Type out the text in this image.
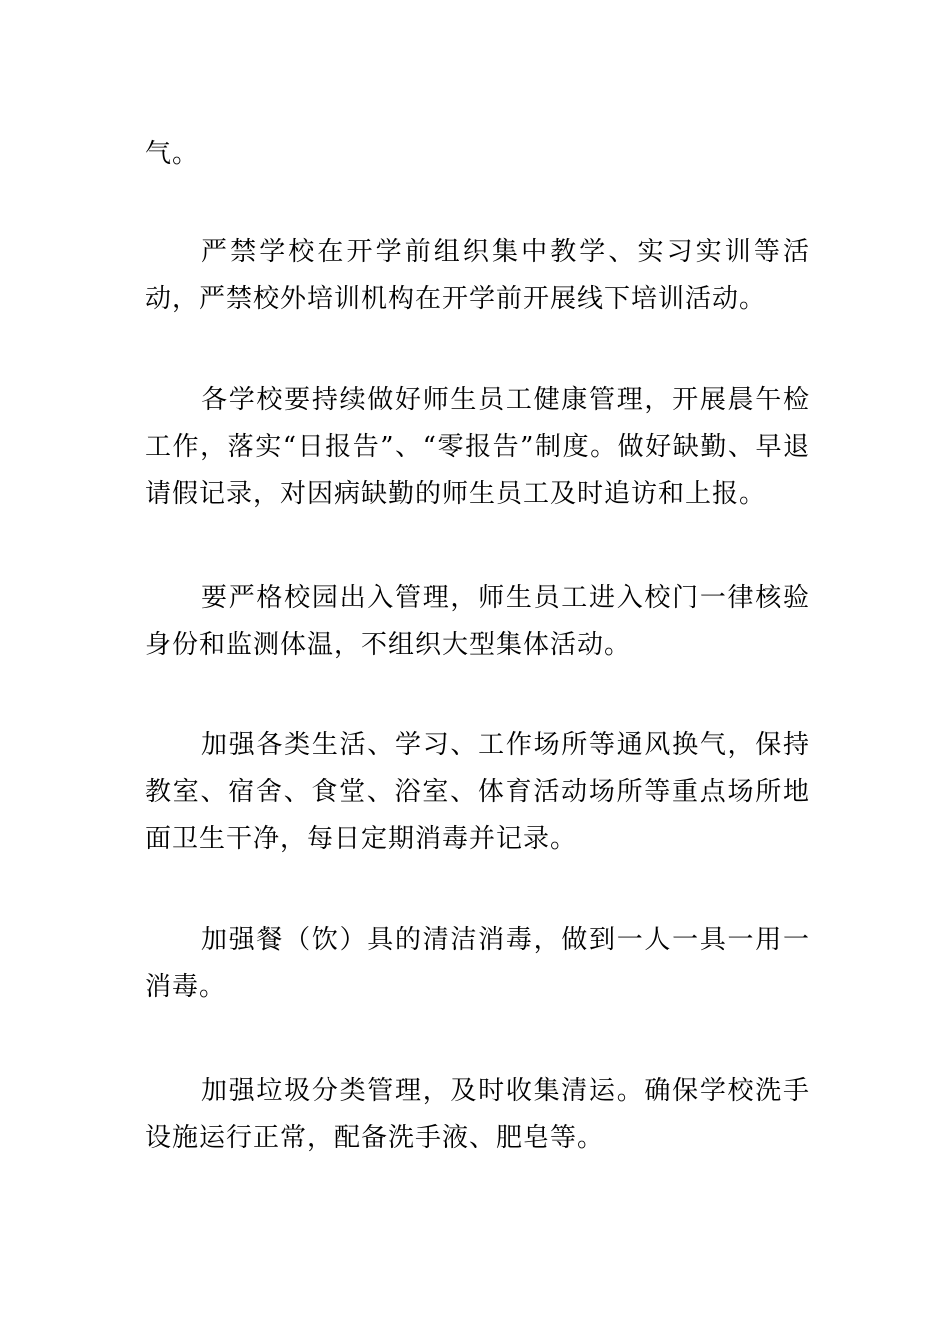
气。

严禁学校在开学前组织集中教学、实习实训等活动，严禁校外培训机构在开学前开展线下培训活动。

各学校要持续做好师生员工健康管理，开展晨午检工作，落实“日报告”、“零报告”制度。做好缺勤、早退请假记录，对因病缺勤的师生员工及时追访和上报。

要严格校园出入管理，师生员工进入校门一律核验身份和监测体温，不组织大型集体活动。

加强各类生活、学习、工作场所等通风换气，保持教室、宿舍、食堂、浴室、体育活动场所等重点场所地面卫生干净，每日定期消毒并记录。

加强餐（饮）具的清洁消毒，做到一人一具一用一消毒。

加强垃圾分类管理，及时收集清运。确保学校洗手设施运行正常，配备洗手液、肥皂等。
